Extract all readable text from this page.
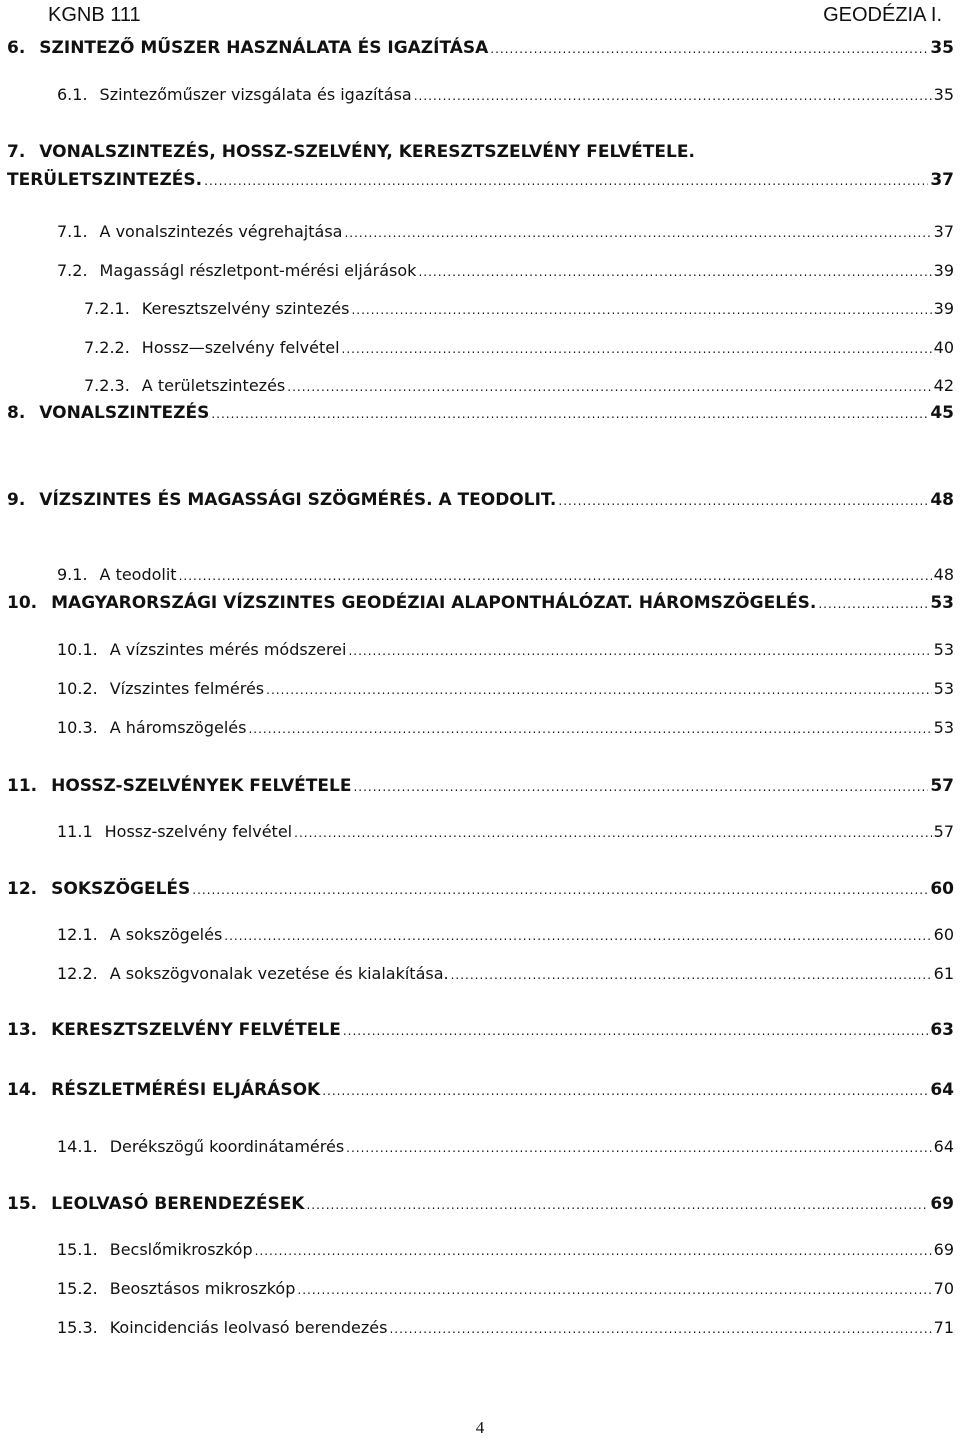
KGNB 111	GEODÉZIA I.
6. SZINTEZŐ MŰSZER HASZNÁLATA ÉS IGAZÍTÁSA .....	35
6.1. Szintezőműszer vizsgálata és igazítása .....	35
7. VONALSZINTEZÉS, HOSSZ-SZELVÉNY, KERESZTSZELVÉNY FELVÉTELE.
TERÜLETSZINTEZÉS. .....	37
7.1. A vonalszintezés végrehajtása .....	37
7.2. Magasságl részletpont-mérési eljárások .....	39
7.2.1. Keresztszelvény szintezés .....	39
7.2.2. Hossz—szelvény felvétel .....	40
7.2.3. A területszintezés .....	42
8. VONALSZINTEZÉS .....	45
9. VÍZSZINTES ÉS MAGASSÁGI SZÖGMÉRÉS. A TEODOLIT. .....	48
9.1. A teodolit .....	48
10. MAGYARORSZÁGI VÍZSZINTES GEODÉZIAI ALAPONTHÁLÓZAT. HÁROMSZÖGELÉS. .....	53
10.1. A vízszintes mérés módszerei .....	53
10.2. Vízszintes felmérés .....	53
10.3. A háromszögelés .....	53
11. HOSSZ-SZELVÉNYEK FELVÉTELE .....	57
11.1 Hossz-szelvény felvétel .....	57
12. SOKSZÖGELÉS .....	60
12.1. A sokszögelés .....	60
12.2. A sokszögvonalak vezetése és kialakítása. .....	61
13. KERESZTSZELVÉNY FELVÉTELE .....	63
14. RÉSZLETMÉRÉSI ELJÁRÁSOK .....	64
14.1. Derékszögű koordinátamérés .....	64
15. LEOLVASÓ BERENDEZÉSEK .....	69
15.1. Becslőmikroszkóp .....	69
15.2. Beosztásos mikroszkóp .....	70
15.3. Koincidenciás leolvasó berendezés .....	71
4
